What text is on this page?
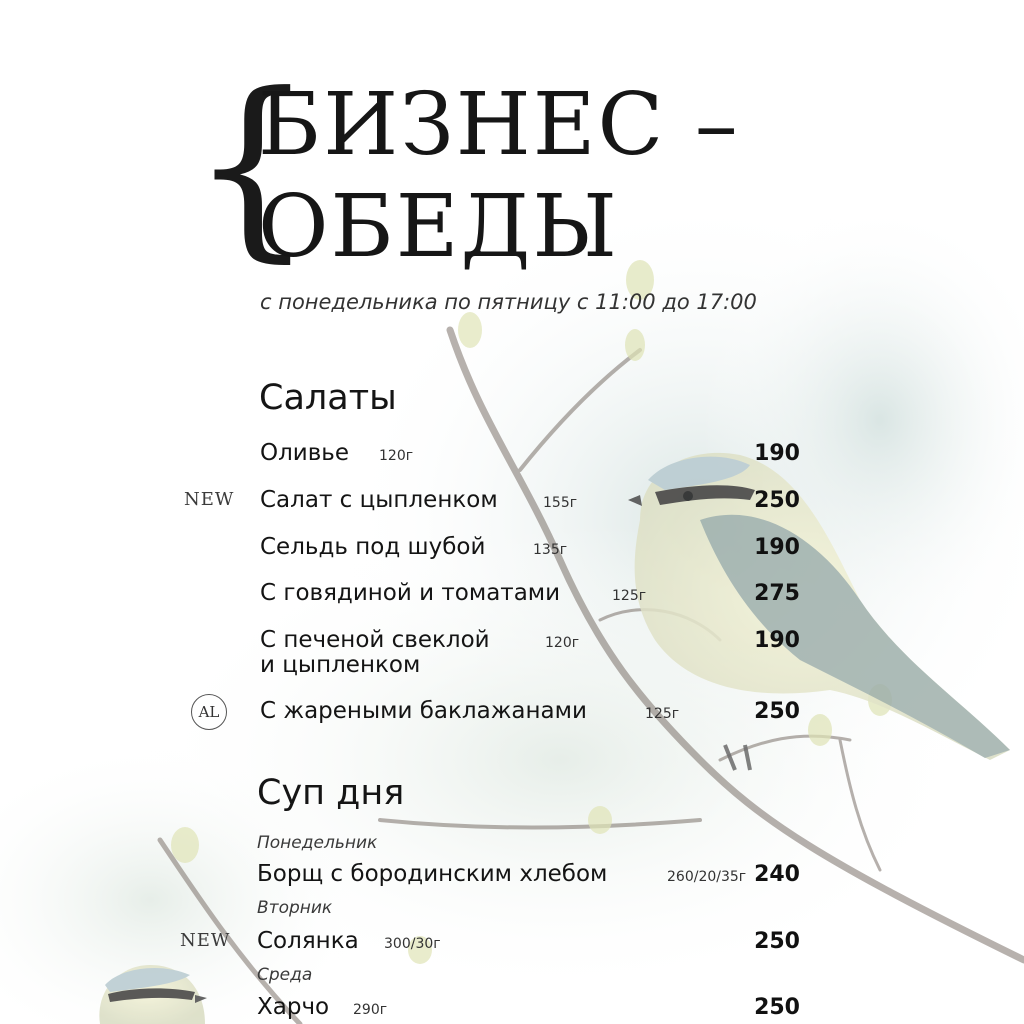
{
БИЗНЕС –
ОБЕДЫ
с понедельника по пятницу с 11:00 до 17:00
Салаты
Оливье 120г	190
NEW Салат с цыпленком	155г	250
Сельдь под шубой	135г	190
С говядиной и томатами	125г	275
С печеной свеклой
и цыпленком
120г	190
AL	С жареными баклажанами	125г	250
Суп дня
Понедельник
Борщ с бородинским хлебом	260/20/35г 240
Вторник
NEW Солянка 300/30г	250
Среда
Харчо 290г	250
